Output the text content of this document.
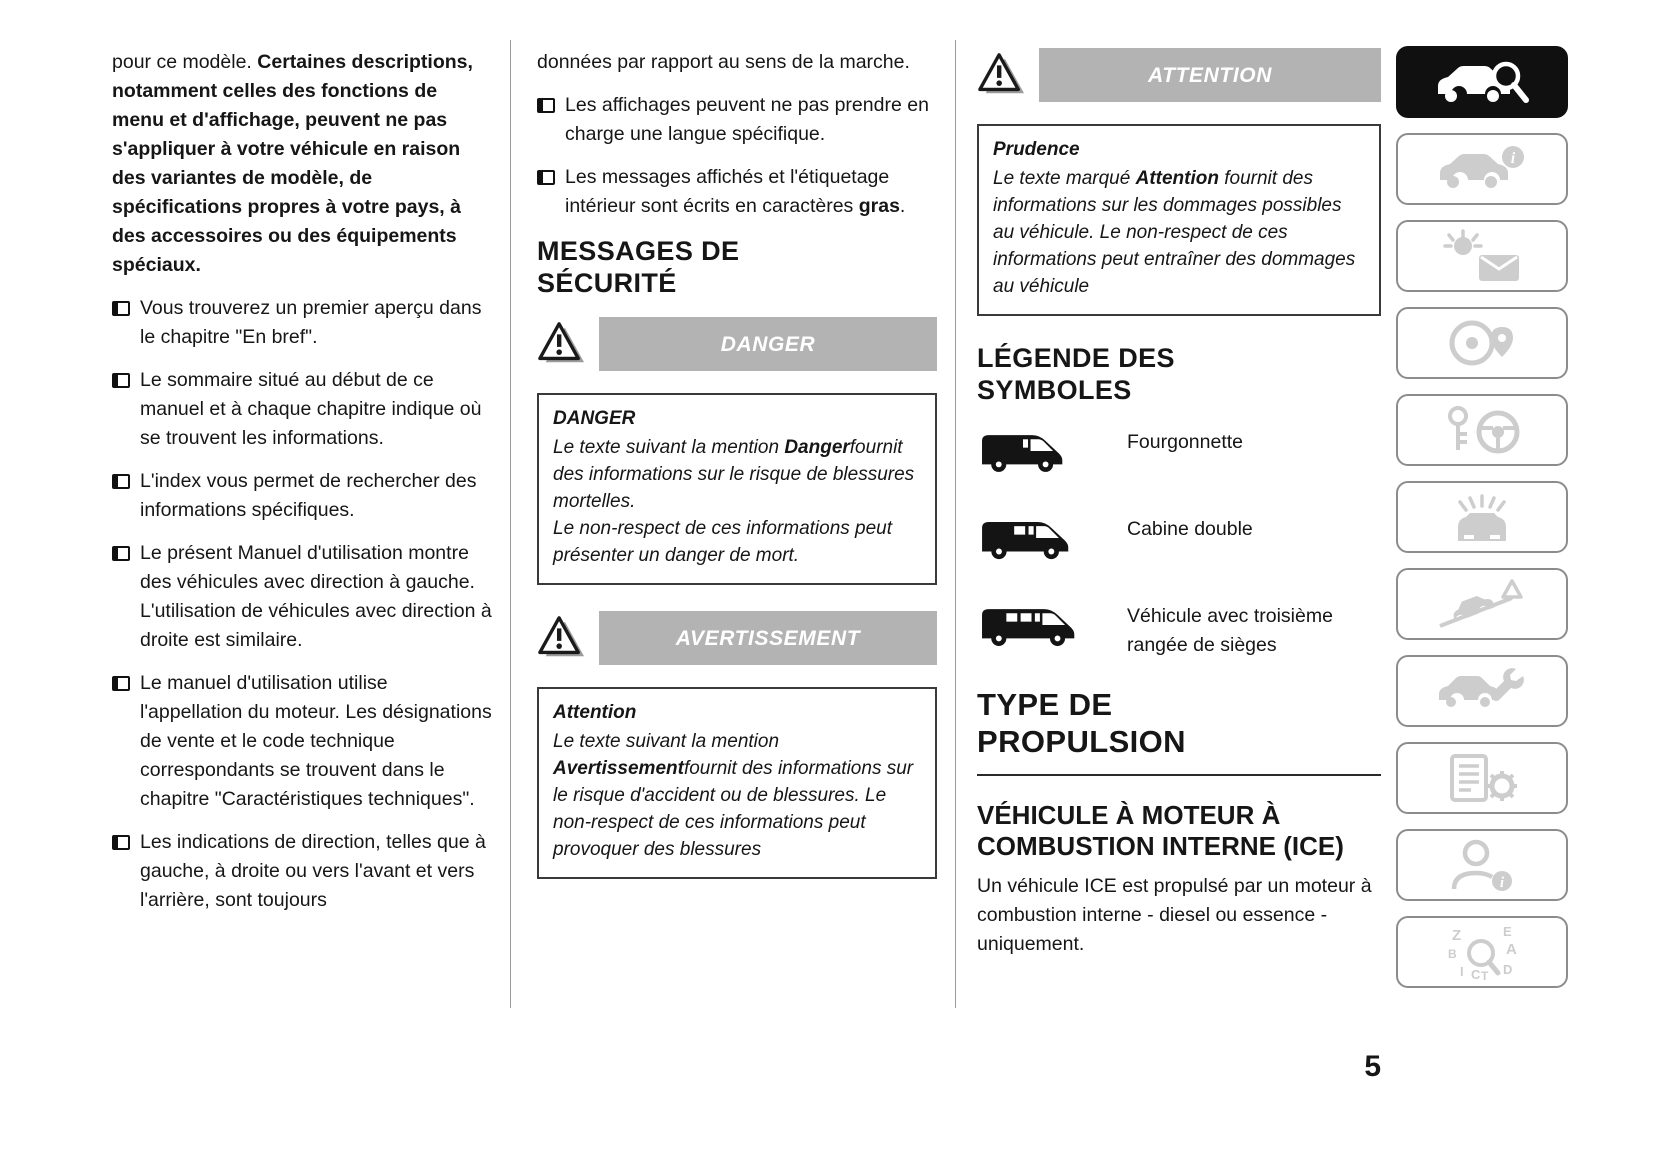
pour ce modèle. Certaines descriptions, notamment celles des fonctions de menu et d'affichage, peuvent ne pas s'appliquer à votre véhicule en raison des variantes de modèle, de spécifications propres à votre pays, à des accessoires ou des équipements spéciaux.

Vous trouverez un premier aperçu dans le chapitre "En bref".
Le sommaire situé au début de ce manuel et à chaque chapitre indique où se trouvent les informations.
L'index vous permet de rechercher des informations spécifiques.
Le présent Manuel d'utilisation montre des véhicules avec direction à gauche. L'utilisation de véhicules avec direction à droite est similaire.
Le manuel d'utilisation utilise l'appellation du moteur. Les désignations de vente et le code technique correspondants se trouvent dans le chapitre "Caractéristiques techniques".
Les indications de direction, telles que à gauche, à droite ou vers l'avant et vers l'arrière, sont toujours

données par rapport au sens de la marche.

Les affichages peuvent ne pas prendre en charge une langue spécifique.
Les messages affichés et l'étiquetage intérieur sont écrits en caractères gras.
MESSAGES DE SÉCURITÉ
DANGER
DANGER
Le texte suivant la mention Dangerfournit des informations sur le risque de blessures mortelles.
Le non-respect de ces informations peut présenter un danger de mort.
AVERTISSEMENT
Attention
Le texte suivant la mention Avertissementfournit des informations sur le risque d'accident ou de blessures. Le non-respect de ces informations peut provoquer des blessures
ATTENTION
Prudence
Le texte marqué Attention fournit des informations sur les dommages possibles au véhicule. Le non-respect de ces informations peut entraîner des dommages au véhicule
LÉGENDE DES SYMBOLES
Fourgonnette
Cabine double
Véhicule avec troisième rangée de sièges
TYPE DE PROPULSION
VÉHICULE À MOTEUR À COMBUSTION INTERNE (ICE)

Un véhicule ICE est propulsé par un moteur à combustion interne - diesel ou essence - uniquement.

i
i
Z	E
B	A
I C T D
5
